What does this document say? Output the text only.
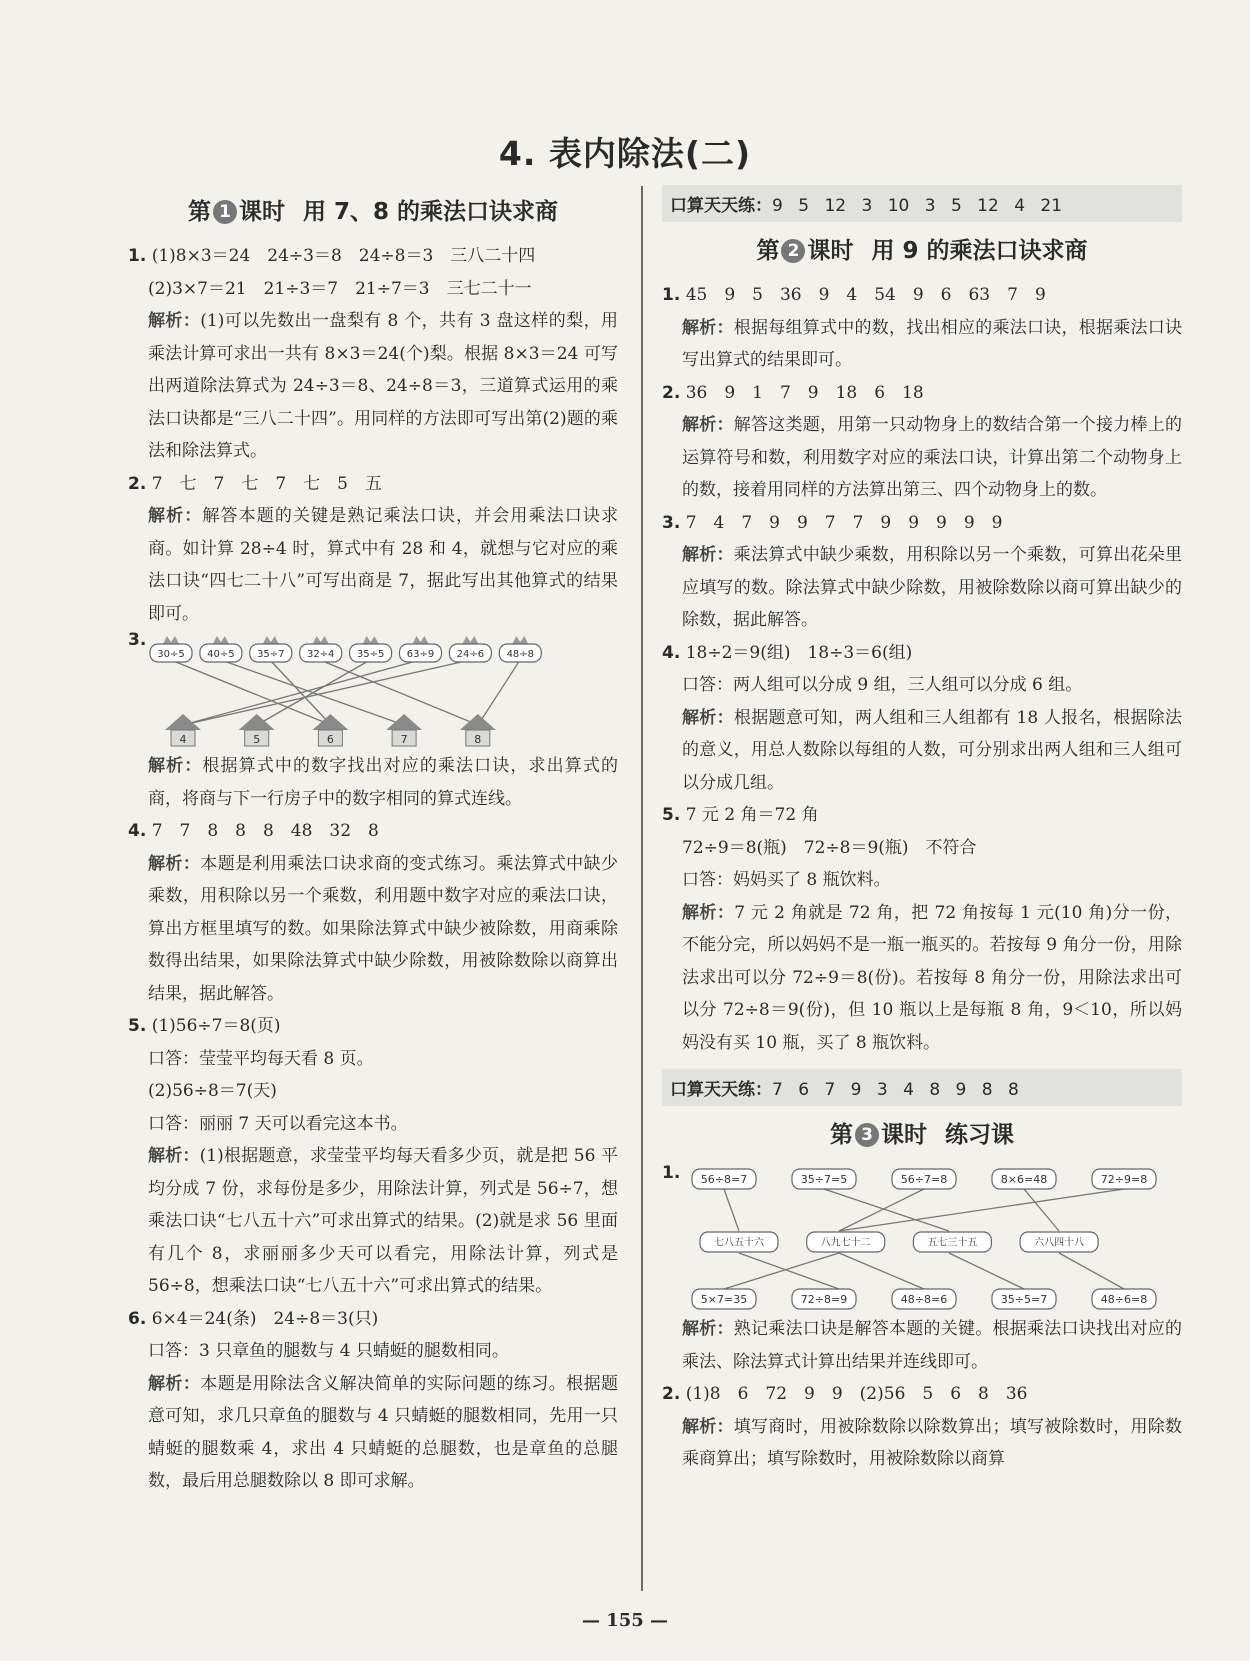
4. 表内除法(二)
第 1 课时 用 7、8 的乘法口诀求商
1. (1)8×3＝24　24÷3＝8　24÷8＝3　三八二十四
(2)3×7＝21　21÷3＝7　21÷7＝3　三七二十一
解析：(1)可以先数出一盘梨有 8 个，共有 3 盘这样的梨，用乘法计算可求出一共有 8×3＝24(个)梨。根据 8×3＝24 可写出两道除法算式为 24÷3＝8、24÷8＝3，三道算式运用的乘法口诀都是“三八二十四”。用同样的方法即可写出第(2)题的乘法和除法算式。
2. 7　七　7　七　7　七　5　五
解析：解答本题的关键是熟记乘法口诀，并会用乘法口诀求商。如计算 28÷4 时，算式中有 28 和 4，就想与它对应的乘法口诀“四七二十八”可写出商是 7，据此写出其他算式的结果即可。
3.
30÷5 40÷5 35÷7 32÷4 35÷5 63÷9 24÷6 48÷8
4	5	6	7	8
解析：根据算式中的数字找出对应的乘法口诀，求出算式的商，将商与下一行房子中的数字相同的算式连线。
4. 7　7　8　8　8　48　32　8
解析：本题是利用乘法口诀求商的变式练习。乘法算式中缺少乘数，用积除以另一个乘数，利用题中数字对应的乘法口诀，算出方框里填写的数。如果除法算式中缺少被除数，用商乘除数得出结果，如果除法算式中缺少除数，用被除数除以商算出结果，据此解答。
5. (1)56÷7＝8(页)
口答：莹莹平均每天看 8 页。
(2)56÷8＝7(天)
口答：丽丽 7 天可以看完这本书。
解析：(1)根据题意，求莹莹平均每天看多少页，就是把 56 平均分成 7 份，求每份是多少，用除法计算，列式是 56÷7，想乘法口诀“七八五十六”可求出算式的结果。(2)就是求 56 里面有几个 8，求丽丽多少天可以看完，用除法计算，列式是 56÷8，想乘法口诀“七八五十六”可求出算式的结果。
6. 6×4＝24(条)　24÷8＝3(只)
口答：3 只章鱼的腿数与 4 只蜻蜓的腿数相同。
解析：本题是用除法含义解决简单的实际问题的练习。根据题意可知，求几只章鱼的腿数与 4 只蜻蜓的腿数相同，先用一只蜻蜓的腿数乘 4，求出 4 只蜻蜓的总腿数，也是章鱼的总腿数，最后用总腿数除以 8 即可求解。
口算天天练：9 5 12 3 10 3 5 12 4 21
第 2 课时 用 9 的乘法口诀求商
1. 45　9　5　36　9　4　54　9　6　63　7　9
解析：根据每组算式中的数，找出相应的乘法口诀，根据乘法口诀写出算式的结果即可。
2. 36　9　1　7　9　18　6　18
解析：解答这类题，用第一只动物身上的数结合第一个接力棒上的运算符号和数，利用数字对应的乘法口诀，计算出第二个动物身上的数，接着用同样的方法算出第三、四个动物身上的数。
3. 7　4　7　9　9　7　7　9　9　9　9　9
解析：乘法算式中缺少乘数，用积除以另一个乘数，可算出花朵里应填写的数。除法算式中缺少除数，用被除数除以商可算出缺少的除数，据此解答。
4. 18÷2＝9(组)　18÷3＝6(组)
口答：两人组可以分成 9 组，三人组可以分成 6 组。
解析：根据题意可知，两人组和三人组都有 18 人报名，根据除法的意义，用总人数除以每组的人数，可分别求出两人组和三人组可以分成几组。
5. 7 元 2 角＝72 角
72÷9＝8(瓶)　72÷8＝9(瓶)　不符合
口答：妈妈买了 8 瓶饮料。
解析：7 元 2 角就是 72 角，把 72 角按每 1 元(10 角)分一份，不能分完，所以妈妈不是一瓶一瓶买的。若按每 9 角分一份，用除法求出可以分 72÷9＝8(份)。若按每 8 角分一份，用除法求出可以分 72÷8＝9(份)，但 10 瓶以上是每瓶 8 角，9＜10，所以妈妈没有买 10 瓶，买了 8 瓶饮料。
口算天天练：7 6 7 9 3 4 8 9 8 8
第 3 课时 练习课
1. 56÷8=7	35÷7=5	56÷7=8	8×6=48	72÷9=8
七八五十六	八九七十二	五七三十五	六八四十八
5×7=35	72÷8=9	48÷8=6	35÷5=7	48÷6=8
解析：熟记乘法口诀是解答本题的关键。根据乘法口诀找出对应的乘法、除法算式计算出结果并连线即可。
2. (1)8　6　72　9　9　(2)56　5　6　8　36
解析：填写商时，用被除数除以除数算出；填写被除数时，用除数乘商算出；填写除数时，用被除数除以商算
— 155 —
